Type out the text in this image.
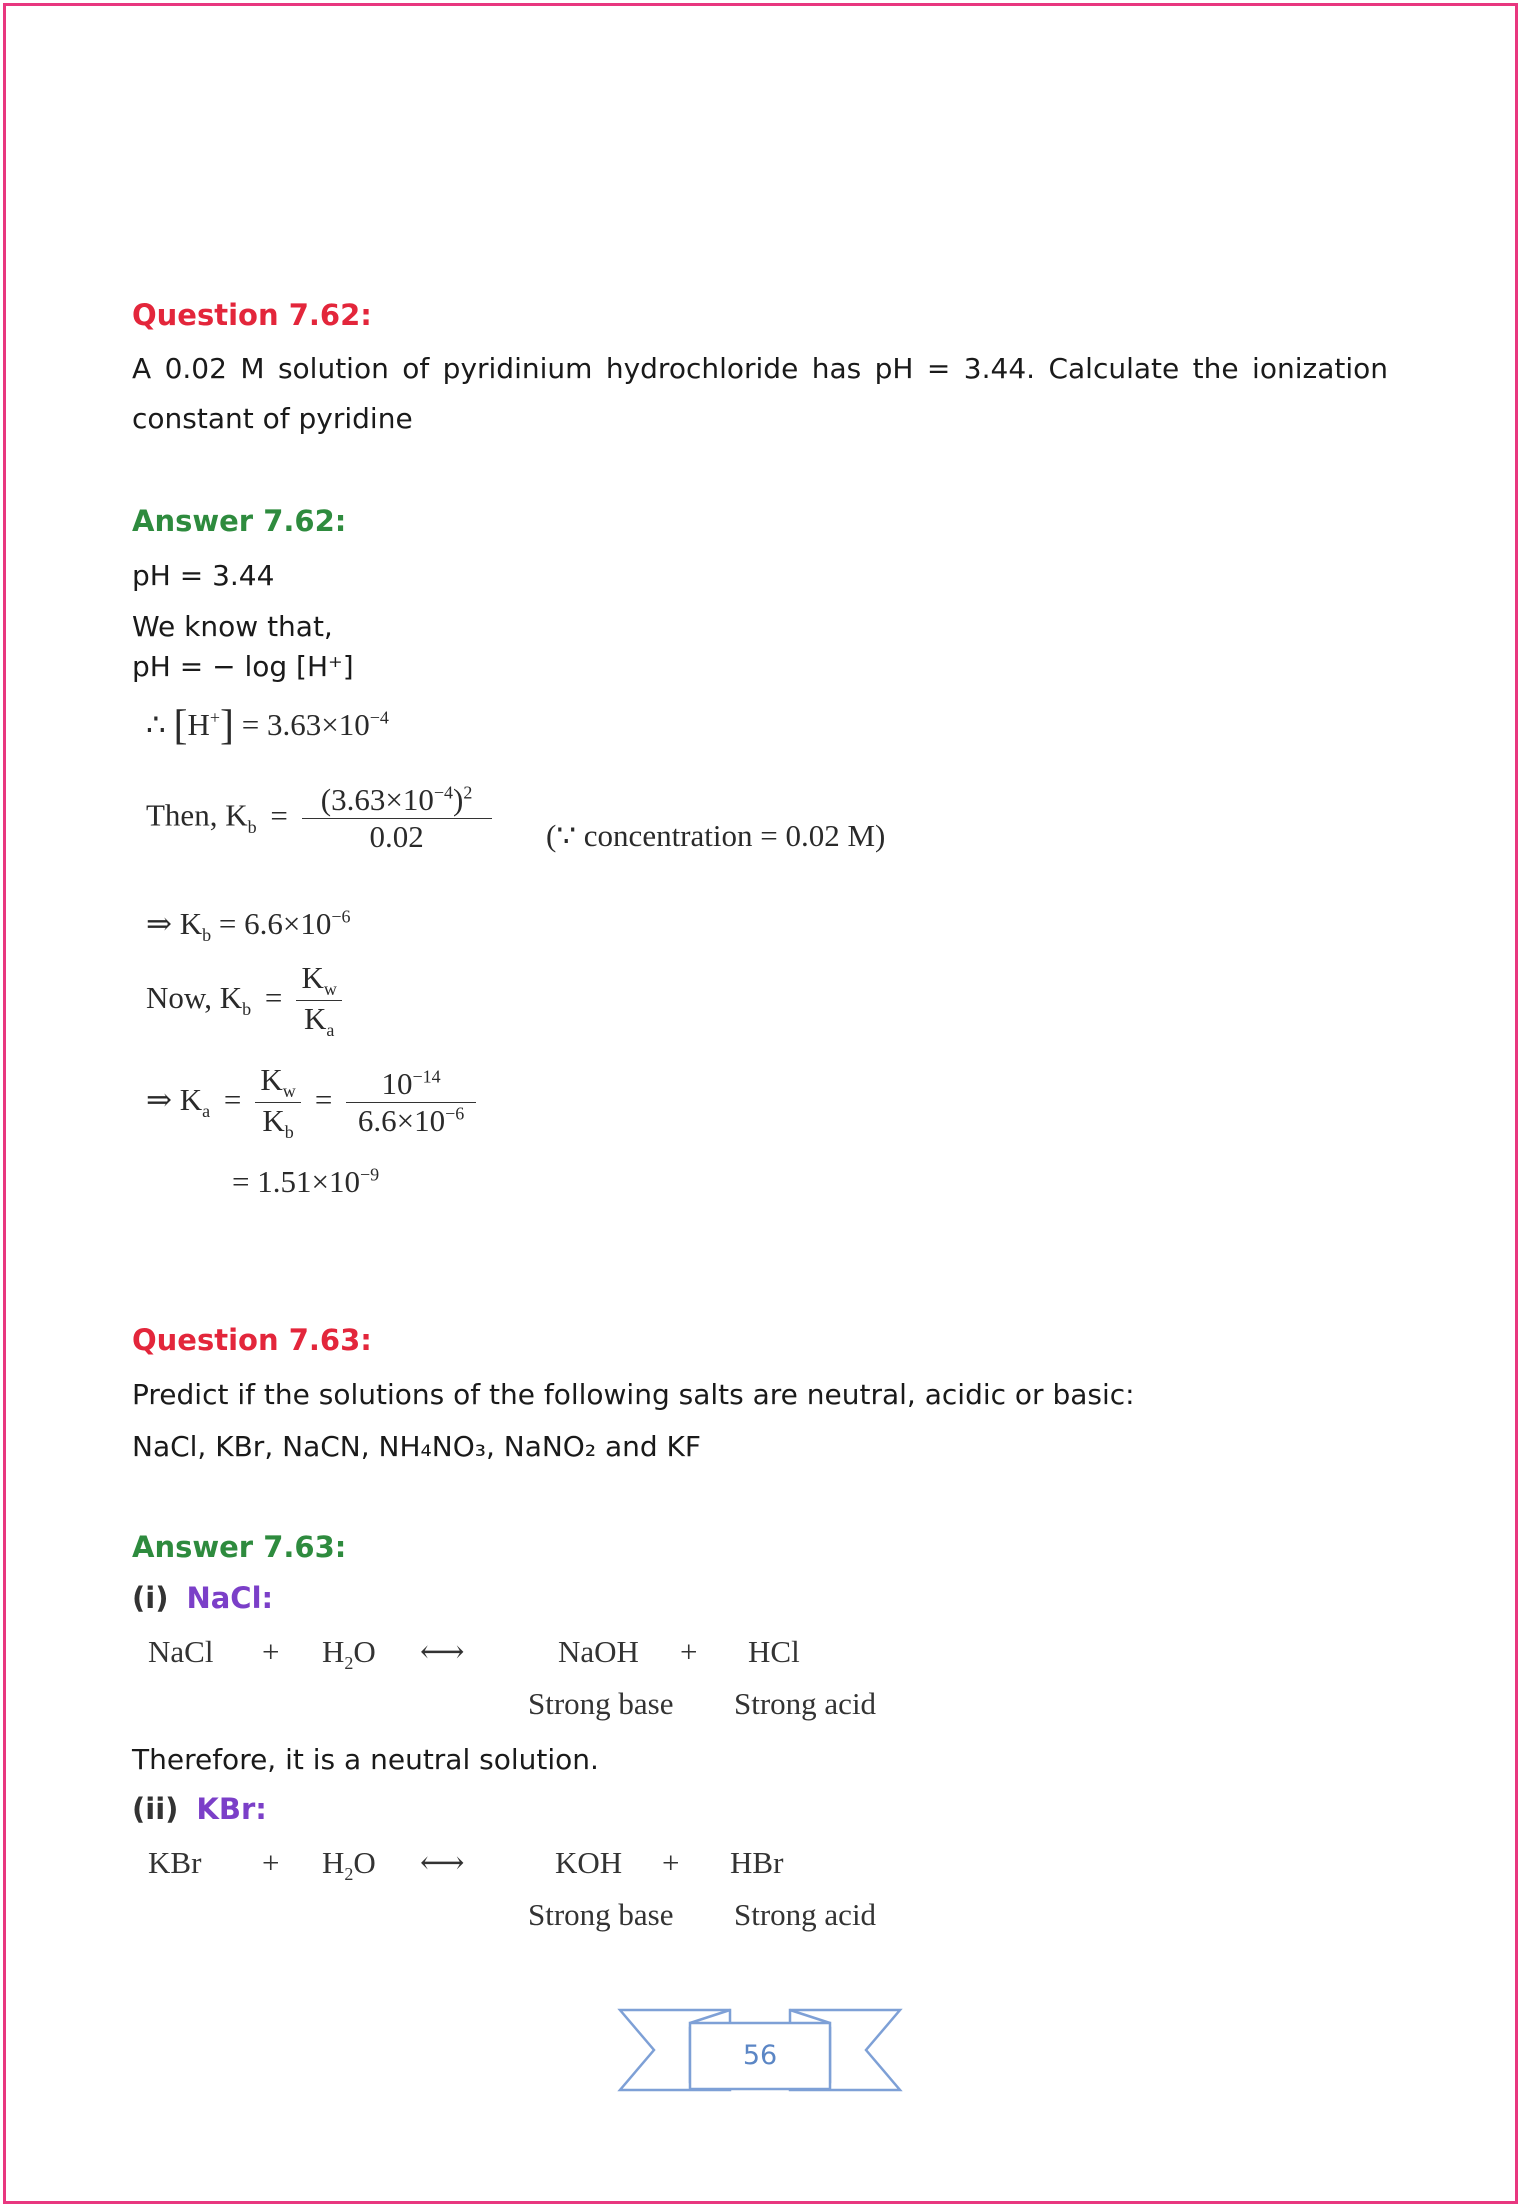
Question 7.62:
A 0.02 M solution of pyridinium hydrochloride has pH = 3.44. Calculate the ionization constant of pyridine
Answer 7.62:
pH = 3.44
We know that,
pH = − log [H⁺]
∴ $[H^+] = 3.63\times 10^{-4}$
Then, $K_b = \frac{(3.63\times 10^{-4})^2}{0.02}$ (∵ concentration = 0.02 M)
⇒ $K_b = 6.6\times 10^{-6}$
Now, $K_b = \frac{K_w}{K_a}$
⇒ $K_a = \frac{K_w}{K_b} = \frac{10^{-14}}{6.6\times 10^{-6}}$
= $1.51\times 10^{-9}$
Question 7.63:
Predict if the solutions of the following salts are neutral, acidic or basic:
NaCl, KBr, NaCN, NH₄NO₃, NaNO₂ and KF
Answer 7.63:
(i) NaCl:
NaCl + $H_2O$ ⟷	NaOH + HCl
Strong base Strong acid
Therefore, it is a neutral solution.
(ii) KBr:
KBr + $H_2O$ ⟷	KOH + HBr
Strong base Strong acid
56
